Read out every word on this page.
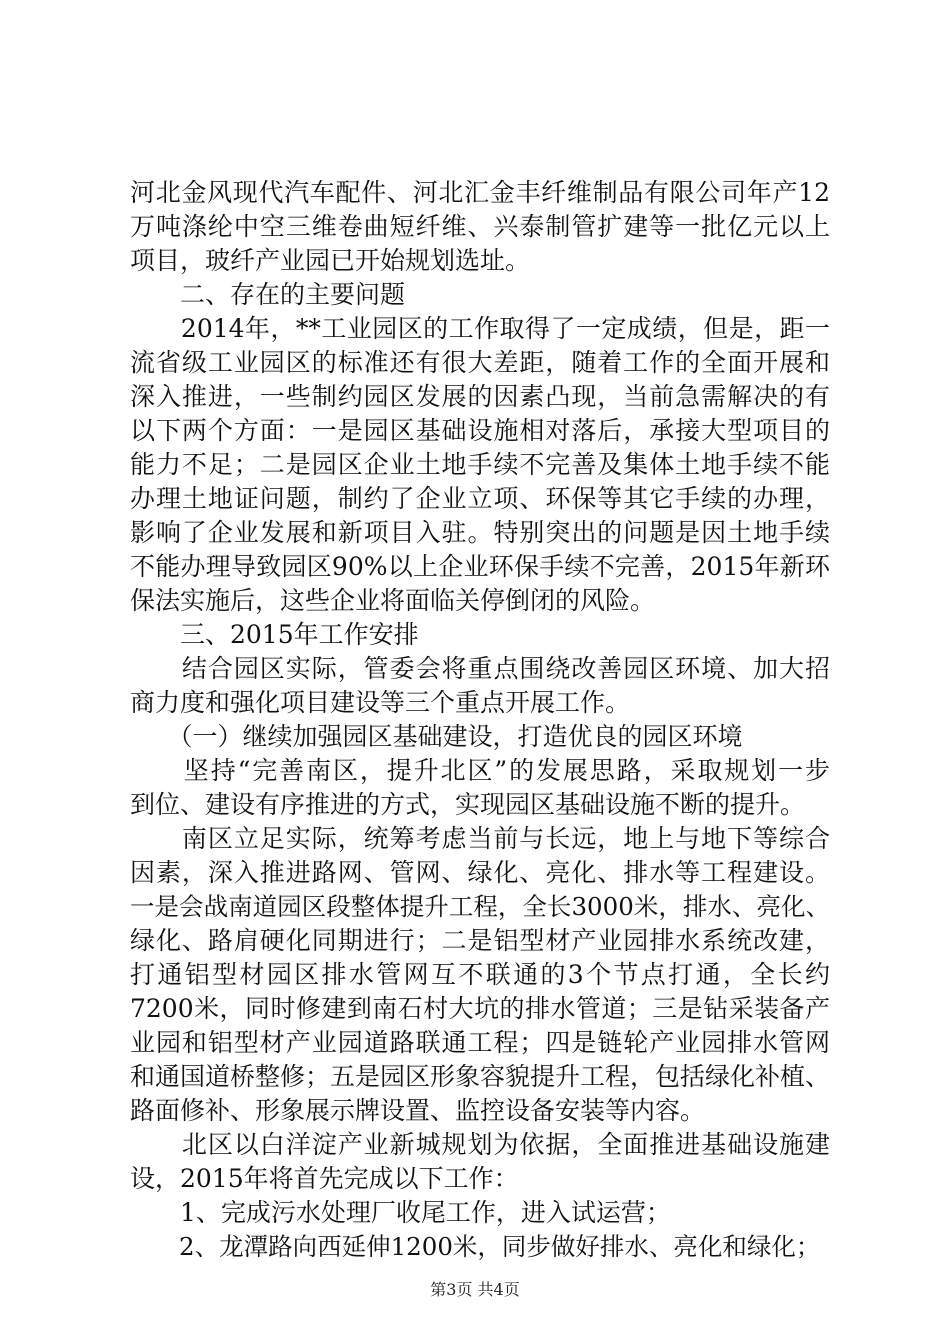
河北金风现代汽车配件、河北汇金丰纤维制品有限公司年产12
万吨涤纶中空三维卷曲短纤维、兴泰制管扩建等一批亿元以上
项目，玻纤产业园已开始规划选址。
　　二、存在的主要问题
　　2014年，**工业园区的工作取得了一定成绩，但是，距一
流省级工业园区的标准还有很大差距，随着工作的全面开展和
深入推进，一些制约园区发展的因素凸现，当前急需解决的有
以下两个方面：一是园区基础设施相对落后，承接大型项目的
能力不足；二是园区企业土地手续不完善及集体土地手续不能
办理土地证问题，制约了企业立项、环保等其它手续的办理，
影响了企业发展和新项目入驻。特别突出的问题是因土地手续
不能办理导致园区90%以上企业环保手续不完善，2015年新环
保法实施后，这些企业将面临关停倒闭的风险。
　　三、2015年工作安排
　　结合园区实际，管委会将重点围绕改善园区环境、加大招
商力度和强化项目建设等三个重点开展工作。
　　（一）继续加强园区基础建设，打造优良的园区环境
　　坚持“完善南区，提升北区”的发展思路，采取规划一步
到位、建设有序推进的方式，实现园区基础设施不断的提升。
　　南区立足实际，统筹考虑当前与长远，地上与地下等综合
因素，深入推进路网、管网、绿化、亮化、排水等工程建设。
一是会战南道园区段整体提升工程，全长3000米，排水、亮化、
绿化、路肩硬化同期进行；二是铝型材产业园排水系统改建，
打通铝型材园区排水管网互不联通的3个节点打通，全长约
7200米，同时修建到南石村大坑的排水管道；三是钻采装备产
业园和铝型材产业园道路联通工程；四是链轮产业园排水管网
和通国道桥整修；五是园区形象容貌提升工程，包括绿化补植、
路面修补、形象展示牌设置、监控设备安装等内容。
　　北区以白洋淀产业新城规划为依据，全面推进基础设施建
设，2015年将首先完成以下工作：
　　1、完成污水处理厂收尾工作，进入试运营；
　　2、龙潭路向西延伸1200米，同步做好排水、亮化和绿化；
第3页 共4页
